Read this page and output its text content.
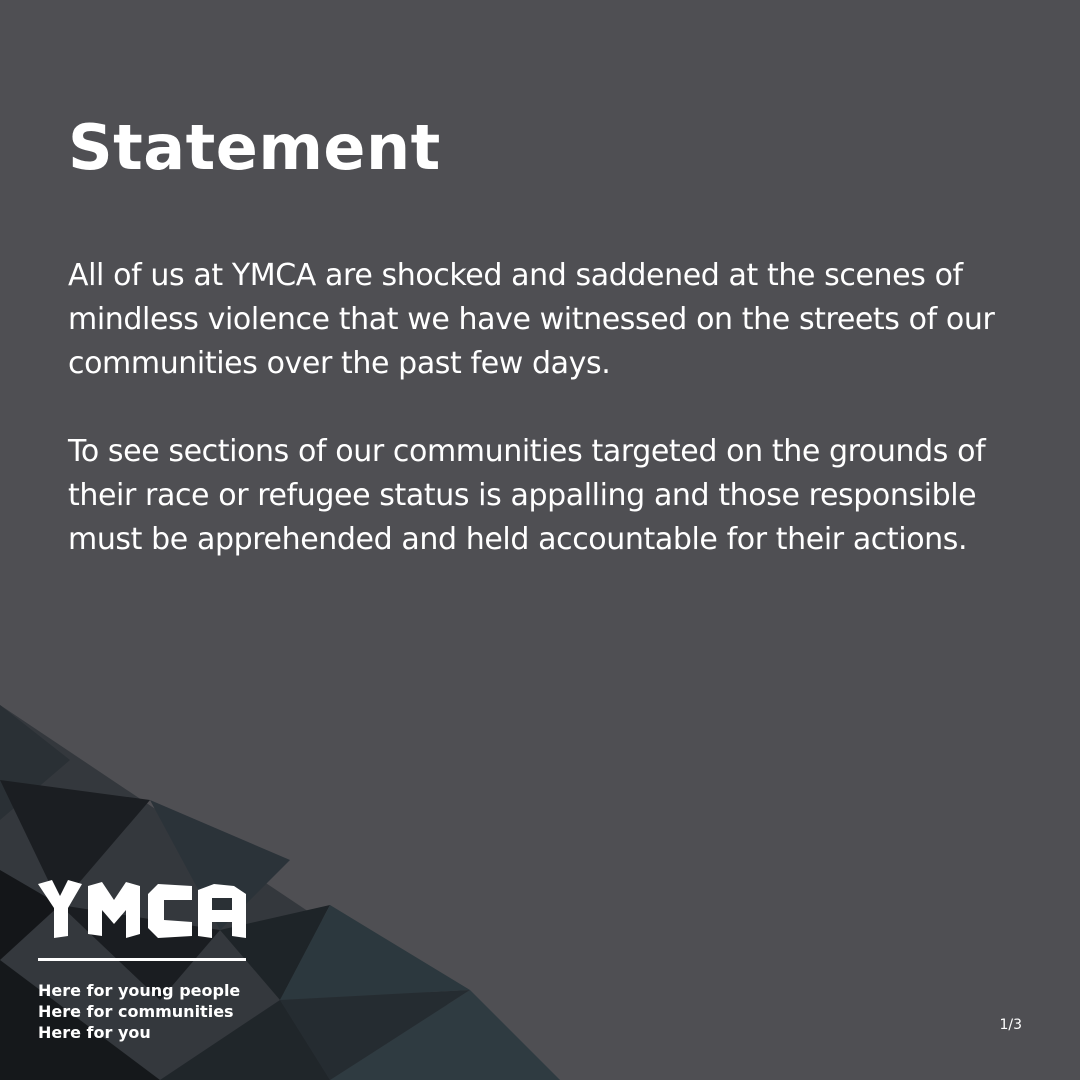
Statement

All of us at YMCA are shocked and saddened at the scenes of mindless violence that we have witnessed on the streets of our communities over the past few days.

To see sections of our communities targeted on the grounds of their race or refugee status is appalling and those responsible must be apprehended and held accountable for their actions.

Here for young people
Here for communities
Here for you	1/3
